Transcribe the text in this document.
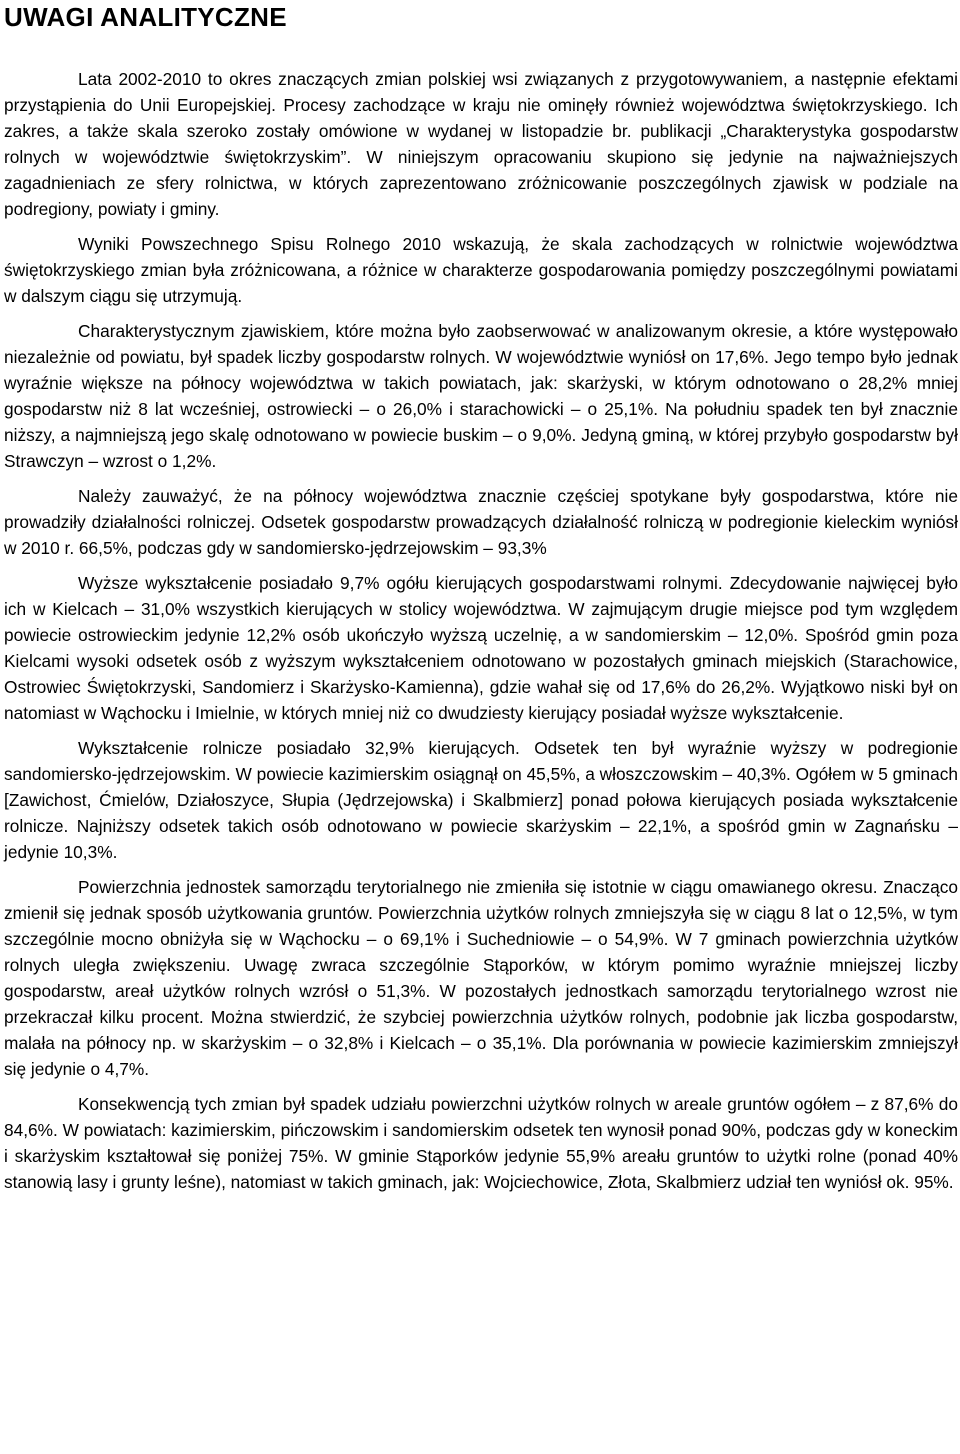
UWAGI ANALITYCZNE

Lata 2002-2010 to okres znaczących zmian polskiej wsi związanych z przygotowywaniem, a następnie efektami przystąpienia do Unii Europejskiej. Procesy zachodzące w kraju nie ominęły również województwa świętokrzyskiego. Ich zakres, a także skala szeroko zostały omówione w wydanej w listopadzie br. publikacji „Charakterystyka gospodarstw rolnych w województwie świętokrzyskim”. W niniejszym opracowaniu skupiono się jedynie na najważniejszych zagadnieniach ze sfery rolnictwa, w których zaprezentowano zróżnicowanie poszczególnych zjawisk w podziale na podregiony, powiaty i gminy.

Wyniki Powszechnego Spisu Rolnego 2010 wskazują, że skala zachodzących w rolnictwie województwa świętokrzyskiego zmian była zróżnicowana, a różnice w charakterze gospodarowania pomiędzy poszczególnymi powiatami w dalszym ciągu się utrzymują.

Charakterystycznym zjawiskiem, które można było zaobserwować w analizowanym okresie, a które występowało niezależnie od powiatu, był spadek liczby gospodarstw rolnych. W województwie wyniósł on 17,6%. Jego tempo było jednak wyraźnie większe na północy województwa w takich powiatach, jak: skarżyski, w którym odnotowano o 28,2% mniej gospodarstw niż 8 lat wcześniej, ostrowiecki – o 26,0% i starachowicki – o 25,1%. Na południu spadek ten był znacznie niższy, a najmniejszą jego skalę odnotowano w powiecie buskim – o 9,0%. Jedyną gminą, w której przybyło gospodarstw był Strawczyn – wzrost o 1,2%.

Należy zauważyć, że na północy województwa znacznie częściej spotykane były gospodarstwa, które nie prowadziły działalności rolniczej. Odsetek gospodarstw prowadzących działalność rolniczą w podregionie kieleckim wyniósł w 2010 r. 66,5%, podczas gdy w sandomiersko-jędrzejowskim – 93,3%

Wyższe wykształcenie posiadało 9,7% ogółu kierujących gospodarstwami rolnymi. Zdecydowanie najwięcej było ich w Kielcach – 31,0% wszystkich kierujących w stolicy województwa. W zajmującym drugie miejsce pod tym względem powiecie ostrowieckim jedynie 12,2% osób ukończyło wyższą uczelnię, a w sandomierskim – 12,0%. Spośród gmin poza Kielcami wysoki odsetek osób z wyższym wykształceniem odnotowano w pozostałych gminach miejskich (Starachowice, Ostrowiec Świętokrzyski, Sandomierz i Skarżysko-Kamienna), gdzie wahał się od 17,6% do 26,2%. Wyjątkowo niski był on natomiast w Wąchocku i Imielnie, w których mniej niż co dwudziesty kierujący posiadał wyższe wykształcenie.

Wykształcenie rolnicze posiadało 32,9% kierujących. Odsetek ten był wyraźnie wyższy w podregionie sandomiersko-jędrzejowskim. W powiecie kazimierskim osiągnął on 45,5%, a włoszczowskim – 40,3%. Ogółem w 5 gminach [Zawichost, Ćmielów, Działoszyce, Słupia (Jędrzejowska) i Skalbmierz] ponad połowa kierujących posiada wykształcenie rolnicze. Najniższy odsetek takich osób odnotowano w powiecie skarżyskim – 22,1%, a spośród gmin w Zagnańsku – jedynie 10,3%.

Powierzchnia jednostek samorządu terytorialnego nie zmieniła się istotnie w ciągu omawianego okresu. Znacząco zmienił się jednak sposób użytkowania gruntów. Powierzchnia użytków rolnych zmniejszyła się w ciągu 8 lat o 12,5%, w tym szczególnie mocno obniżyła się w Wąchocku – o 69,1% i Suchedniowie – o 54,9%. W 7 gminach powierzchnia użytków rolnych uległa zwiększeniu. Uwagę zwraca szczególnie Stąporków, w którym pomimo wyraźnie mniejszej liczby gospodarstw, areał użytków rolnych wzrósł o 51,3%. W pozostałych jednostkach samorządu terytorialnego wzrost nie przekraczał kilku procent. Można stwierdzić, że szybciej powierzchnia użytków rolnych, podobnie jak liczba gospodarstw, malała na północy np. w skarżyskim – o 32,8% i Kielcach – o 35,1%. Dla porównania w powiecie kazimierskim zmniejszył się jedynie o 4,7%.

Konsekwencją tych zmian był spadek udziału powierzchni użytków rolnych w areale gruntów ogółem – z 87,6% do 84,6%. W powiatach: kazimierskim, pińczowskim i sandomierskim odsetek ten wynosił ponad 90%, podczas gdy w koneckim i skarżyskim kształtował się poniżej 75%. W gminie Stąporków jedynie 55,9% areału gruntów to użytki rolne (ponad 40% stanowią lasy i grunty leśne), natomiast w takich gminach, jak: Wojciechowice, Złota, Skalbmierz udział ten wyniósł ok. 95%.
